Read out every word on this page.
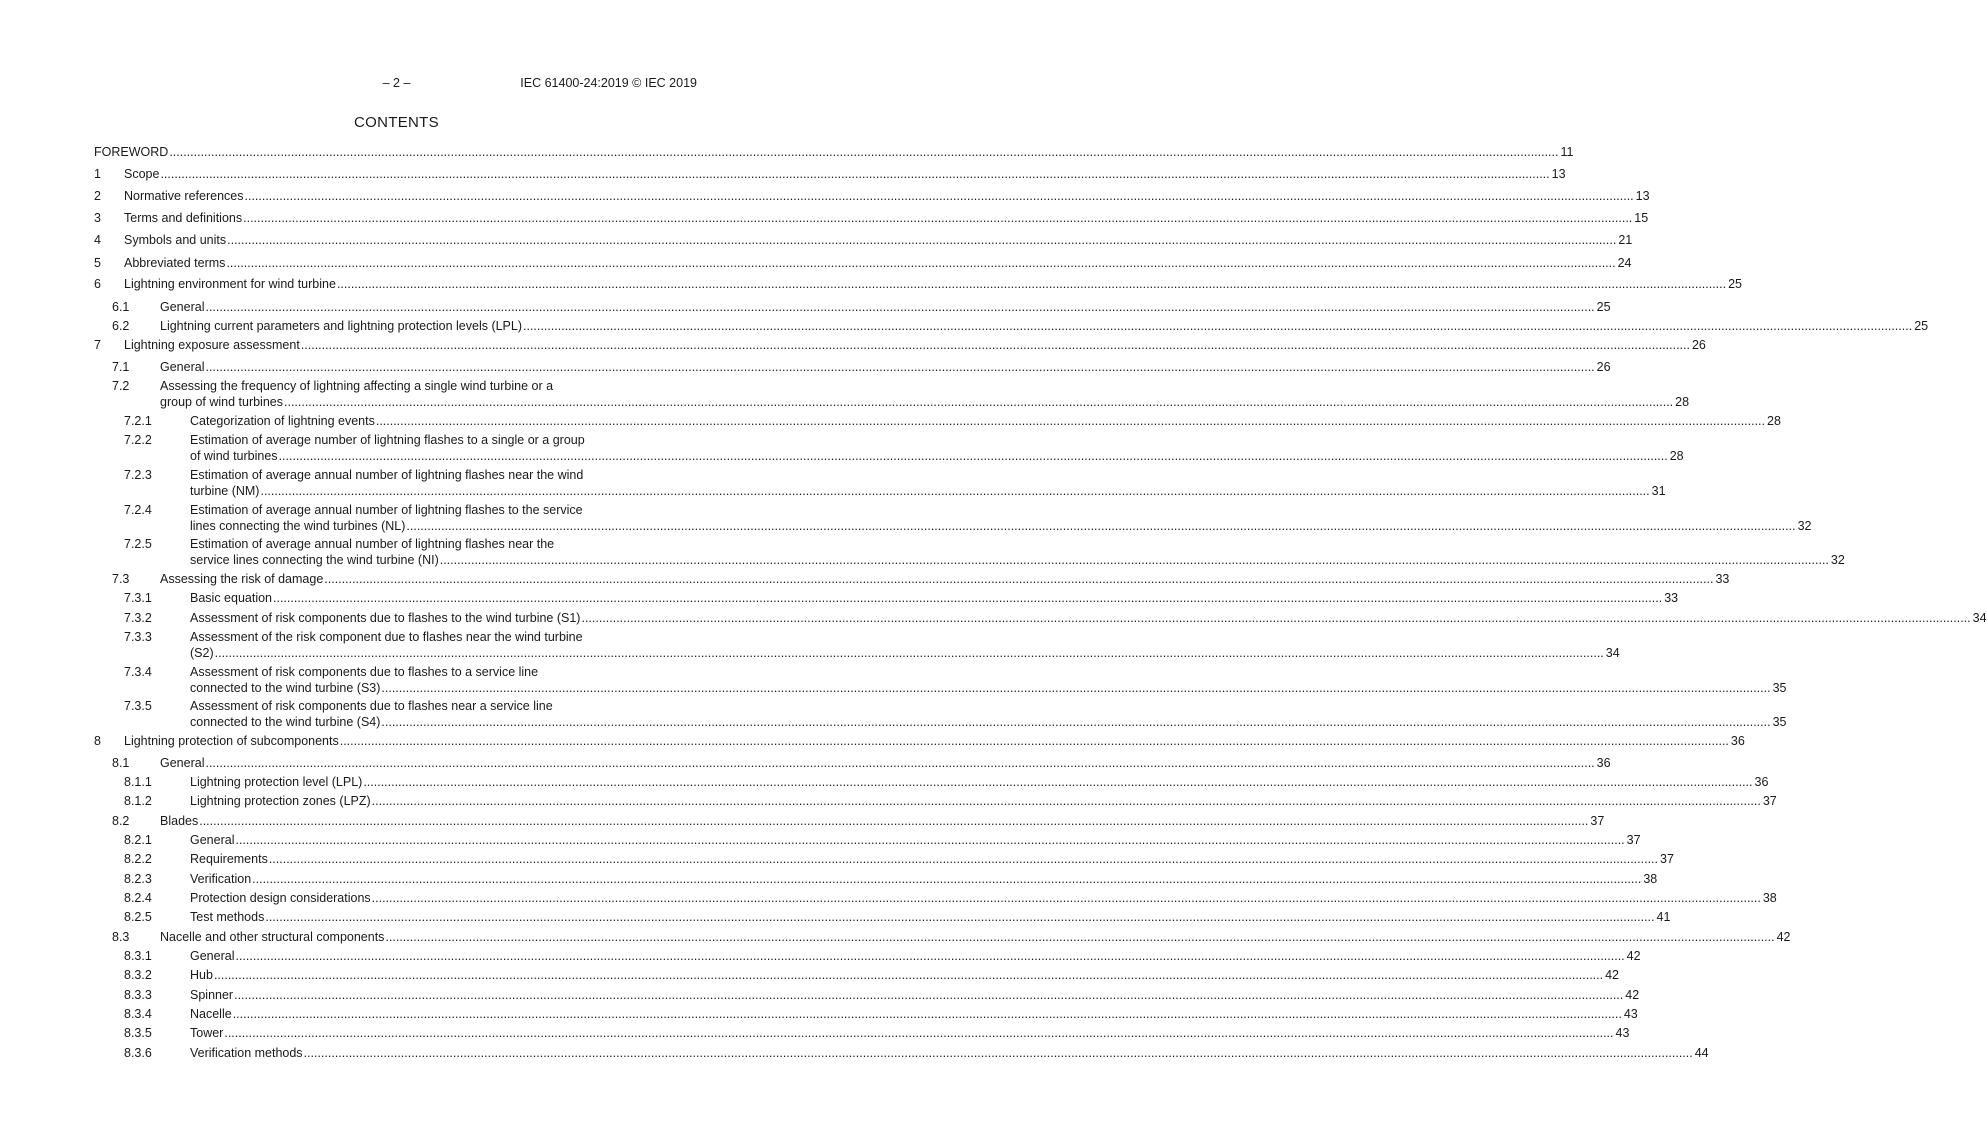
– 2 –	IEC 61400-24:2019 © IEC 2019
CONTENTS
FOREWORD ................................................................................................................................................................................................................................................................................................................................................................................................................ 11
1 Scope ................................................................................................................................................................................................................................................................................................................................................................................................................ 13
2 Normative references ................................................................................................................................................................................................................................................................................................................................................................................................................ 13
3 Terms and definitions ................................................................................................................................................................................................................................................................................................................................................................................................................ 15
4 Symbols and units ................................................................................................................................................................................................................................................................................................................................................................................................................ 21
5 Abbreviated terms ................................................................................................................................................................................................................................................................................................................................................................................................................ 24
6 Lightning environment for wind turbine ................................................................................................................................................................................................................................................................................................................................................................................................................ 25
6.1 General ................................................................................................................................................................................................................................................................................................................................................................................................................ 25
6.2 Lightning current parameters and lightning protection levels (LPL) ................................................................................................................................................................................................................................................................................................................................................................................................................ 25
7 Lightning exposure assessment ................................................................................................................................................................................................................................................................................................................................................................................................................ 26
7.1 General ................................................................................................................................................................................................................................................................................................................................................................................................................ 26
7.2 Assessing the frequency of lightning affecting a single wind turbine or a
group of wind turbines ................................................................................................................................................................................................................................................................................................................................................................................................................ 28
7.2.1	Categorization of lightning events ................................................................................................................................................................................................................................................................................................................................................................................................................ 28
7.2.2	Estimation of average number of lightning flashes to a single or a group
of wind turbines ................................................................................................................................................................................................................................................................................................................................................................................................................ 28
7.2.3	Estimation of average annual number of lightning flashes near the wind
turbine (NM) ................................................................................................................................................................................................................................................................................................................................................................................................................ 31
7.2.4	Estimation of average annual number of lightning flashes to the service
lines connecting the wind turbines (NL) ................................................................................................................................................................................................................................................................................................................................................................................................................ 32
7.2.5	Estimation of average annual number of lightning flashes near the
service lines connecting the wind turbine (NI) ................................................................................................................................................................................................................................................................................................................................................................................................................ 32
7.3 Assessing the risk of damage ................................................................................................................................................................................................................................................................................................................................................................................................................ 33
7.3.1	Basic equation ................................................................................................................................................................................................................................................................................................................................................................................................................ 33
7.3.2	Assessment of risk components due to flashes to the wind turbine (S1) ................................................................................................................................................................................................................................................................................................................................................................................................................ 34
7.3.3	Assessment of the risk component due to flashes near the wind turbine
(S2) ................................................................................................................................................................................................................................................................................................................................................................................................................ 34
7.3.4	Assessment of risk components due to flashes to a service line
connected to the wind turbine (S3) ................................................................................................................................................................................................................................................................................................................................................................................................................ 35
7.3.5	Assessment of risk components due to flashes near a service line
connected to the wind turbine (S4) ................................................................................................................................................................................................................................................................................................................................................................................................................ 35
8 Lightning protection of subcomponents ................................................................................................................................................................................................................................................................................................................................................................................................................ 36
8.1 General ................................................................................................................................................................................................................................................................................................................................................................................................................ 36
8.1.1	Lightning protection level (LPL) ................................................................................................................................................................................................................................................................................................................................................................................................................ 36
8.1.2	Lightning protection zones (LPZ) ................................................................................................................................................................................................................................................................................................................................................................................................................ 37
8.2 Blades ................................................................................................................................................................................................................................................................................................................................................................................................................ 37
8.2.1	General ................................................................................................................................................................................................................................................................................................................................................................................................................ 37
8.2.2	Requirements ................................................................................................................................................................................................................................................................................................................................................................................................................ 37
8.2.3	Verification ................................................................................................................................................................................................................................................................................................................................................................................................................ 38
8.2.4	Protection design considerations ................................................................................................................................................................................................................................................................................................................................................................................................................ 38
8.2.5	Test methods ................................................................................................................................................................................................................................................................................................................................................................................................................ 41
8.3 Nacelle and other structural components ................................................................................................................................................................................................................................................................................................................................................................................................................ 42
8.3.1	General ................................................................................................................................................................................................................................................................................................................................................................................................................ 42
8.3.2	Hub ................................................................................................................................................................................................................................................................................................................................................................................................................ 42
8.3.3	Spinner ................................................................................................................................................................................................................................................................................................................................................................................................................ 42
8.3.4	Nacelle ................................................................................................................................................................................................................................................................................................................................................................................................................ 43
8.3.5	Tower ................................................................................................................................................................................................................................................................................................................................................................................................................ 43
8.3.6	Verification methods ................................................................................................................................................................................................................................................................................................................................................................................................................ 44
